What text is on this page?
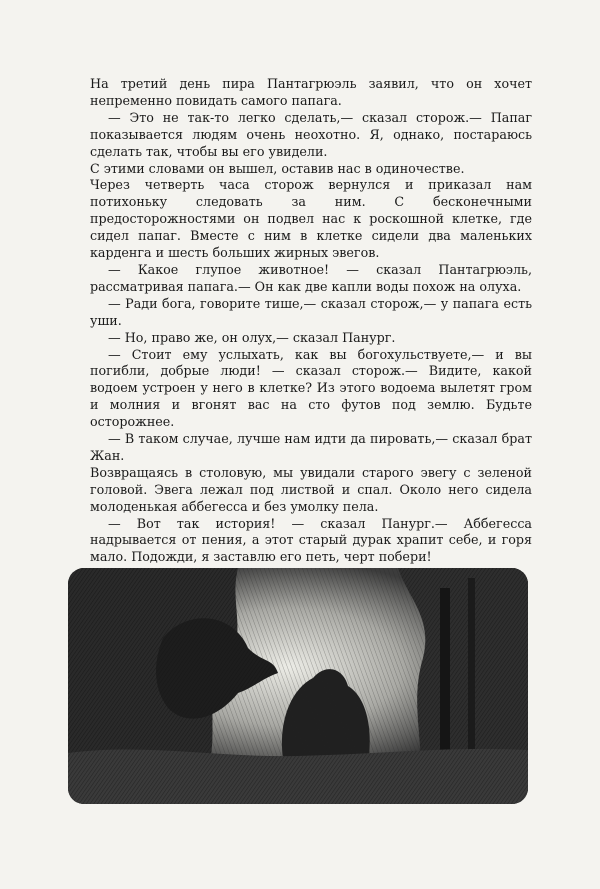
На третий день пира Пантагрюэль заявил, что он хочет непременно повидать самого папага.

— Это не так-то легко сделать,— сказал сторож.— Папаг показывается людям очень неохотно. Я, однако, постараюсь сделать так, чтобы вы его увидели.

С этими словами он вышел, оставив нас в одиночестве.

Через четверть часа сторож вернулся и приказал нам потихоньку следовать за ним. С бесконечными предосторожностями он подвел нас к роскошной клетке, где сидел папаг. Вместе с ним в клетке сидели два маленьких карденга и шесть больших жирных эвегов.

— Какое глупое животное! — сказал Пантагрюэль, рассматривая папага.— Он как две капли воды похож на олуха.

— Ради бога, говорите тише,— сказал сторож,— у папага есть уши.

— Но, право же, он олух,— сказал Панург.

— Стоит ему услыхать, как вы богохульствуете,— и вы погибли, добрые люди! — сказал сторож.— Видите, какой водоем устроен у него в клетке? Из этого водоема вылетят гром и молния и вгонят вас на сто футов под землю. Будьте осторожнее.

— В таком случае, лучше нам идти да пировать,— сказал брат Жан.

Возвращаясь в столовую, мы увидали старого эвегу с зеленой головой. Эвега лежал под листвой и спал. Около него сидела молоденькая аббегесса и без умолку пела.

— Вот так история! — сказал Панург.— Аббегесса надрывается от пения, а этот старый дурак храпит себе, и горя мало. Подожди, я заставлю его петь, черт побери!
